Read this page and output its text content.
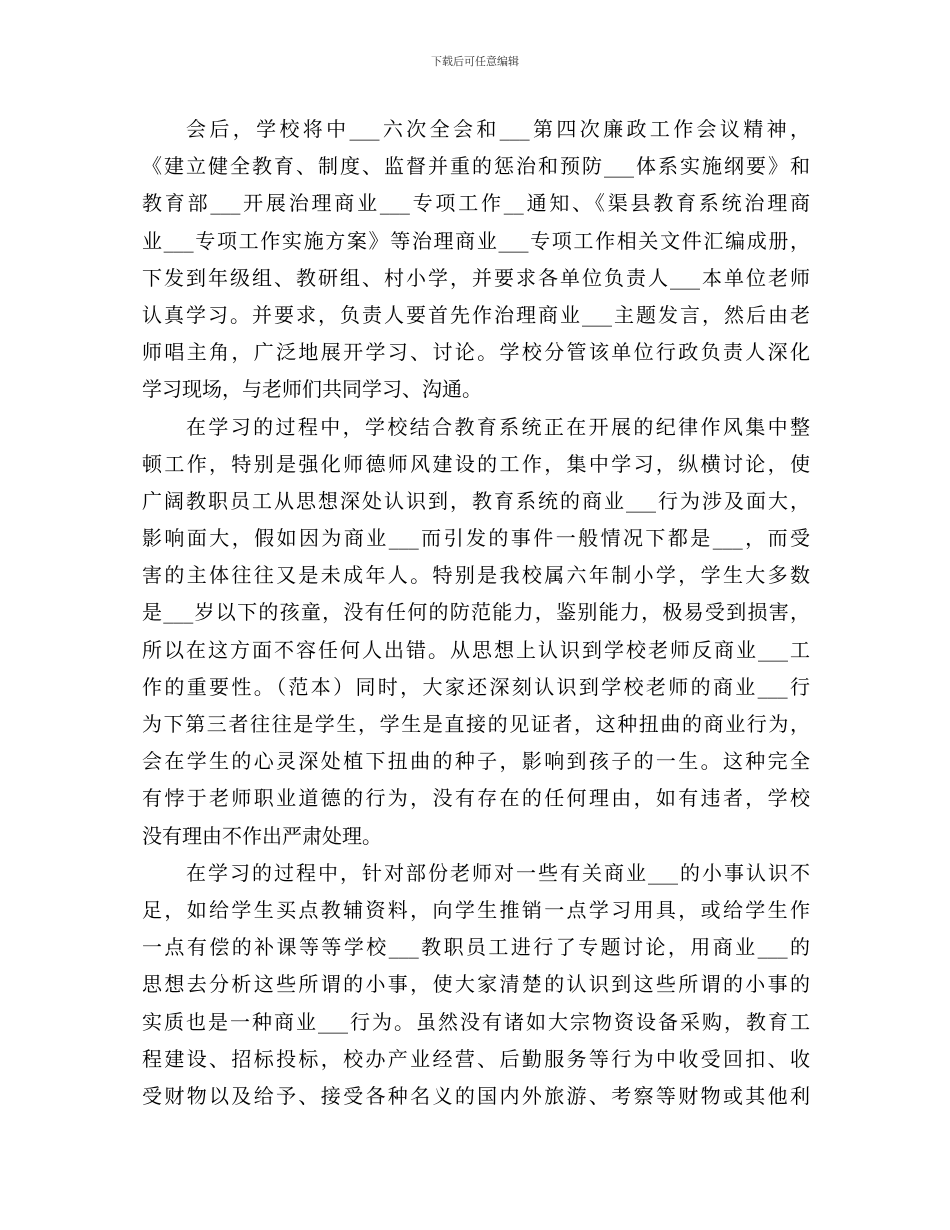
下载后可任意编辑
会后，学校将中___六次全会和___第四次廉政工作会议精神，
《建立健全教育、制度、监督并重的惩治和预防___体系实施纲要》和
教育部___开展治理商业___专项工作__通知、《渠县教育系统治理商
业___专项工作实施方案》等治理商业___专项工作相关文件汇编成册，
下发到年级组、教研组、村小学，并要求各单位负责人___本单位老师
认真学习。并要求，负责人要首先作治理商业___主题发言，然后由老
师唱主角，广泛地展开学习、讨论。学校分管该单位行政负责人深化
学习现场，与老师们共同学习、沟通。
在学习的过程中，学校结合教育系统正在开展的纪律作风集中整
顿工作，特别是强化师德师风建设的工作，集中学习，纵横讨论，使
广阔教职员工从思想深处认识到，教育系统的商业___行为涉及面大，
影响面大，假如因为商业___而引发的事件一般情况下都是___，而受
害的主体往往又是未成年人。特别是我校属六年制小学，学生大多数
是___岁以下的孩童，没有任何的防范能力，鉴别能力，极易受到损害，
所以在这方面不容任何人出错。从思想上认识到学校老师反商业___工
作的重要性。（范本）同时，大家还深刻认识到学校老师的商业___行
为下第三者往往是学生，学生是直接的见证者，这种扭曲的商业行为，
会在学生的心灵深处植下扭曲的种子，影响到孩子的一生。这种完全
有悖于老师职业道德的行为，没有存在的任何理由，如有违者，学校
没有理由不作出严肃处理。
在学习的过程中，针对部份老师对一些有关商业___的小事认识不
足，如给学生买点教辅资料，向学生推销一点学习用具，或给学生作
一点有偿的补课等等学校___教职员工进行了专题讨论，用商业___的
思想去分析这些所谓的小事，使大家清楚的认识到这些所谓的小事的
实质也是一种商业___行为。虽然没有诸如大宗物资设备采购，教育工
程建设、招标投标，校办产业经营、后勤服务等行为中收受回扣、收
受财物以及给予、接受各种名义的国内外旅游、考察等财物或其他利
